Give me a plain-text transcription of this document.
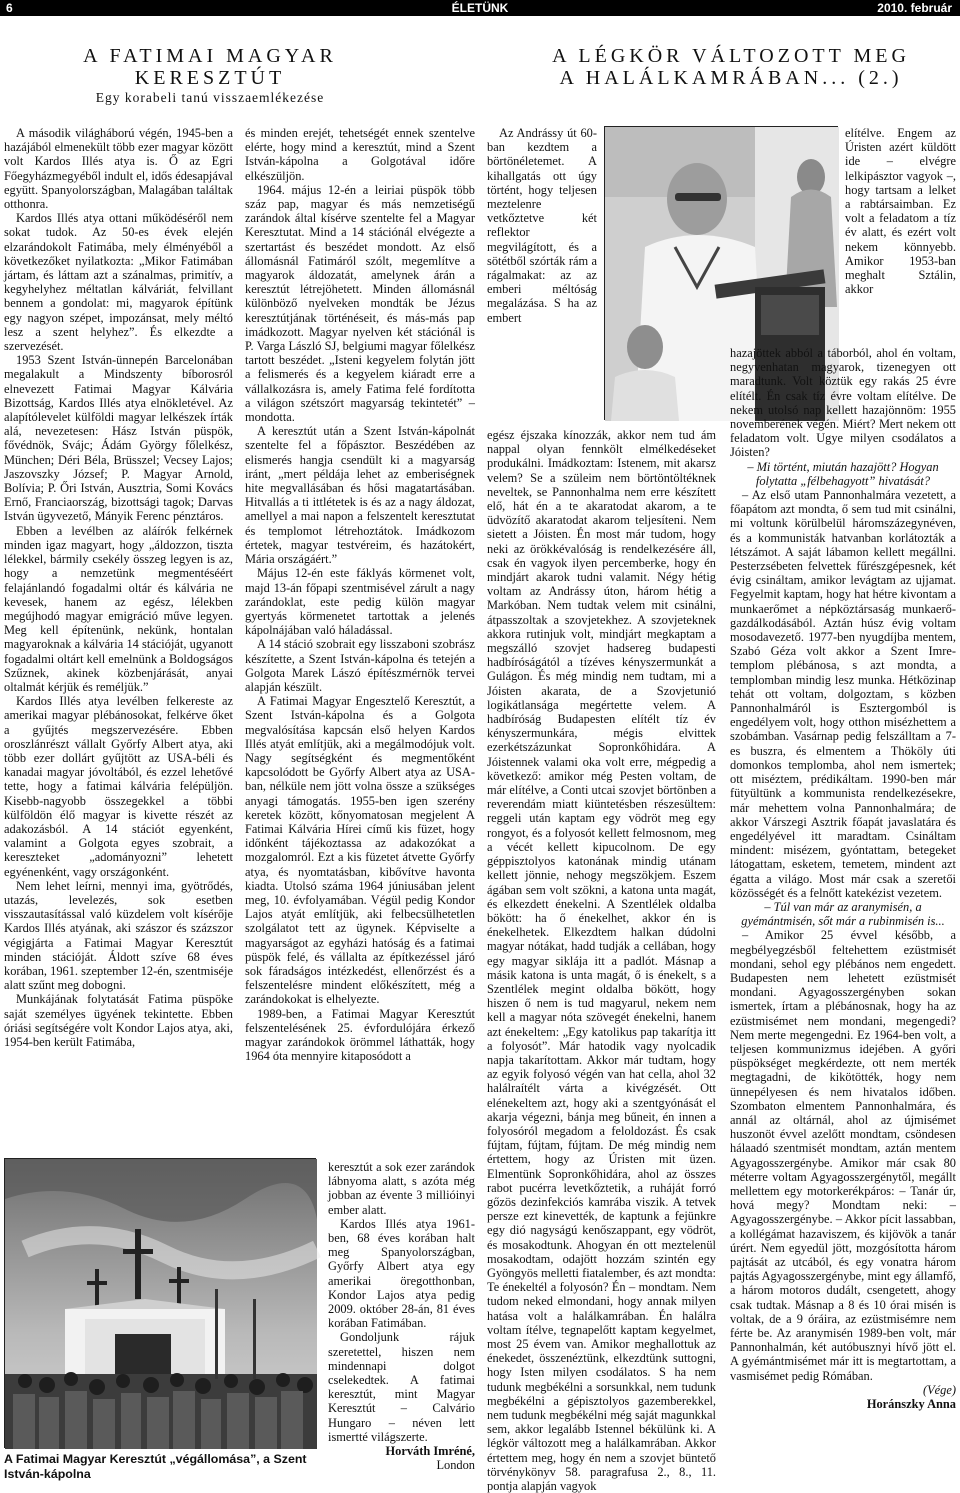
6	ÉLETÜNK	2010. február
A FATIMAI MAGYAR KERESZTÚT
Egy korabeli tanú visszaemlékezése
A LÉGKÖR VÁLTOZOTT MEG
A HALÁLKAMRÁBAN... (2.)

A második világháború végén, 1945-ben a hazájából elmenekült több ezer magyar között volt Kardos Illés atya is. Ő az Egri Főegyházmegyéből indult el, idős édesapjával együtt. Spanyolországban, Malagában találtak otthonra.

Kardos Illés atya ottani működéséről nem sokat tudok. Az 50-es évek elején elzarándokolt Fatimába, mely élményéből a következőket nyilatkozta: „Mikor Fatimában jártam, és láttam azt a szánalmas, primitív, a kegyhelyhez méltatlan kálváriát, felvillant bennem a gondolat: mi, magyarok építünk egy nagyon szépet, impozánsat, mely méltó lesz a szent helyhez”. És elkezdte a szervezését.

1953 Szent István-ünnepén Barcelonában megalakult a Mindszenty bíborosról elnevezett Fatimai Magyar Kálvária Bizottság, Kardos Illés atya elnökletével. Az alapítólevelet külföldi magyar lelkészek írták alá, nevezetesen: Hász István püspök, fővédnök, Svájc; Ádám György főlelkész, München; Déri Béla, Brüsszel; Vecsey Lajos; Jaszovszky József; P. Magyar Arnold, Bolívia; P. Őri István, Ausztria, Somi Kovács Ernő, Franciaország, bizottsági tagok; Darvas István ügyvezető, Mányik Ferenc pénztáros.

Ebben a levélben az aláírók felkérnek minden igaz magyart, hogy „áldozzon, tiszta lélekkel, bármily csekély összeg legyen is az, hogy a nemzetünk megmentéséért felajánlandó fogadalmi oltár és kálvária ne kevesek, hanem az egész, lélekben megújhodó magyar emigráció műve legyen. Meg kell építenünk, nekünk, hontalan magyaroknak a kálvária 14 stációját, ugyanott fogadalmi oltárt kell emelnünk a Boldogságos Szűznek, akinek közbenjárását, anyai oltalmát kérjük és reméljük.”

Kardos Illés atya levélben felkereste az amerikai magyar plébánosokat, felkérve őket a gyűjtés megszervezésére. Ebben oroszlánrészt vállalt Győrfy Albert atya, aki több ezer dollárt gyűjtött az USA-béli és kanadai magyar jóvoltából, és ezzel lehetővé tette, hogy a fatimai kálvária felépüljön. Kisebb-nagyobb összegekkel a többi külföldön élő magyar is kivette részét az adakozásból. A 14 stációt egyenként, valamint a Golgota egyes szobrait, a kereszteket „adományozni” lehetett egyénenként, vagy országonként.

Nem lehet leírni, mennyi ima, gyötrődés, utazás, levelezés, sok esetben visszautasítással való küzdelem volt kísérője Kardos Illés atyának, aki szászor és százszor végigjárta a Fatimai Magyar Keresztút minden stációját. Áldott szíve 68 éves korában, 1961. szeptember 12-én, szentmiséje alatt szűnt meg dobogni.

Munkájának folytatását Fatima püspöke saját személyes ügyének tekintette. Ebben óriási segítségére volt Kondor Lajos atya, aki, 1954-ben került Fatimába,

A Fatimai Magyar Keresztút „végállomása”, a Szent István-kápolna

és minden erejét, tehetségét ennek szentelve elérte, hogy mind a keresztút, mind a Szent István-kápolna a Golgotával időre elkészüljön.

1964. május 12-én a leiriai püspök több száz pap, magyar és más nemzetiségű zarándok által kísérve szentelte fel a Magyar Keresztutat. Mind a 14 stációnál elvégezte a szertartást és beszédet mondott. Az első állomásnál Fatimáról szólt, megemlítve a magyarok áldozatát, amelynek árán a keresztút létrejöhetett. Minden állomásnál különböző nyelveken mondták be Jézus keresztútjának történéseit, és más-más pap imádkozott. Magyar nyelven két stációnál is P. Varga László SJ, belgiumi magyar főlelkész tartott beszédet. „Isteni kegyelem folytán jött a felismerés és a kegyelem kiáradt erre a vállalkozásra is, amely Fatima felé fordította a világon szétszórt magyarság tekintetét” – mondotta.

A keresztút után a Szent István-kápolnát szentelte fel a főpásztor. Beszédében az elismerés hangja csendült ki a magyarság iránt, „mert példája lehet az emberiségnek hite megvallásában és hősi magatartásában. Hitvallás a ti ittlétetek is és az a nagy áldozat, amellyel a mai napon a felszentelt keresztutat és templomot létrehoztátok. Imádkozom értetek, magyar testvéreim, és hazátokért, Mária országáért.”

Május 12-én este fáklyás körmenet volt, majd 13-án főpapi szentmisével zárult a nagy zarándoklat, este pedig külön magyar gyertyás körmenetet tartottak a jelenés kápolnájában való háladással.

A 14 stáció szobrait egy lisszaboni szobrász készítette, a Szent István-kápolna és tetején a Golgota Marek Lászó építészmérnök tervei alapján készült.

A Fatimai Magyar Engesztelő Keresztút, a Szent István-kápolna és a Golgota megvalósítása kapcsán első helyen Kardos Illés atyát említjük, aki a megálmodójuk volt. Nagy segítségként és megmentőként kapcsolódott be Győrfy Albert atya az USA-ban, nélküle nem jött volna össze a szükséges anyagi támogatás. 1955-ben igen szerény keretek között, kőnyomatosan megjelent A Fatimai Kálvária Hírei című kis füzet, hogy időnként tájékoztassa az adakozókat a mozgalomról. Ezt a kis füzetet átvette Győrfy atya, és nyomtatásban, kibővítve havonta kiadta. Utolsó száma 1964 júniusában jelent meg, 10. évfolyamában. Végül pedig Kondor Lajos atyát említjük, aki felbecsülhetetlen szolgálatot tett az ügynek. Képviselte a magyarságot az egyházi hatóság és a fatimai püspök felé, és vállalta az építkezéssel járó sok fáradságos intézkedést, ellenőrzést és a felszentelésre mindent előkészített, még a zarándokokat is elhelyezte.

1989-ben, a Fatimai Magyar Keresztút felszentelésének 25. évfordulójára érkező magyar zarándokok örömmel láthatták, hogy 1964 óta mennyire kitaposódott a

keresztút a sok ezer zarándok lábnyoma alatt, s azóta még jobban az évente 3 millióinyi ember alatt.

Kardos Illés atya 1961-ben, 68 éves korában halt meg Spanyolországban, Győrfy Albert atya egy amerikai öregotthonban, Kondor Lajos atya pedig 2009. október 28-án, 81 éves korában Fatimában.

Gondoljunk rájuk szeretettel, hiszen nem mindennapi dolgot cselekedtek. A fatimai keresztút, mint Magyar Keresztút – Calvário Hungaro – néven lett ismertté világszerte.

Horváth Imréné,

London

Az Andrássy út 60-ban kezdtem a börtönéletemet. A kihallgatás ott úgy történt, hogy teljesen meztelenre vetkőztetve két reflektor megvilágított, és a sötétből szórták rám a rágalmakat: az az emberi méltóság megalázása. S ha az embert

egész éjszaka kínozzák, akkor nem tud ám nappal olyan fennkölt elmélkedéseket produkálni. Imádkoztam: Istenem, mit akarsz velem? Se a szüleim nem börtöntöltéknek neveltek, se Pannonhalma nem erre készített elő, hát én a te akaratodat akarom, a te üdvözítő akaratodat akarom teljesíteni. Nem sietett a Jóisten. Én most már tudom, hogy neki az örökkévalóság is rendelkezésére áll, csak én vagyok ilyen percemberke, hogy én mindjárt akarok tudni valamit. Négy hétig voltam az Andrássy úton, három hétig a Markóban. Nem tudtak velem mit csinálni, átpasszoltak a szovjetekhez. A szovjeteknek akkora rutinjuk volt, mindjárt megkaptam a megszálló szovjet hadsereg budapesti hadbíróságától a tízéves kényszermunkát a Gulágon. És még mindig nem tudtam, mi a Jóisten akarata, de a Szovjetunió logikátlansága megértette velem. A hadbíróság Budapesten elítélt tíz év kényszermunkára, mégis elvittek ezerkétszázunkat Sopronkőhidára. A Jóistennek valami oka volt erre, mégpedig a következő: amikor még Pesten voltam, de már elítélve, a Conti utcai szovjet börtönben a reverendám miatt kiüntetésben részesültem: reggeli után kaptam egy vödröt meg egy rongyot, és a folyosót kellett felmosnom, meg a vécét kellett kipucolnom. De egy géppisztolyos katonának mindig utánam kellett jönnie, nehogy megszökjem. Eszem ágában sem volt szökni, a katona unta magát, és elkezdett énekelni. A Szentlélek oldalba bökött: ha ő énekelhet, akkor én is énekelhetek. Elkezdtem halkan dúdolni magyar nótákat, hadd tudják a cellában, hogy egy magyar siklája itt a padlót. Másnap a másik katona is unta magát, ő is énekelt, s a Szentlélek megint oldalba bökött, hogy hiszen ő nem is tud magyarul, nekem nem kell a magyar nóta szövegét énekelni, hanem azt énekeltem: „Egy katolikus pap takarítja itt a folyosót”. Már hatodik vagy nyolcadik napja takarítottam. Akkor már tudtam, hogy az egyik folyosó végén van hat cella, ahol 32 halálraítélt várta a kivégzését. Ott elénekeltem azt, hogy aki a szentgyónását el akarja végezni, bánja meg bűneit, én innen a folyosóról megadom a feloldozást. És csak fújtam, fújtam, fújtam. De még mindig nem értettem, hogy az Úristen mit üzen. Elmentünk Sopronkőhidára, ahol az összes rabot pucérra levetkőztetik, a ruháját forró gőzös dezinfekciós kamrába viszik. A tetvek persze ezt kinevették, de kaptunk a fejünkre egy dió nagyságú kenőszappant, egy vödröt, és mosakodtunk. Ahogyan én ott meztelenül mosakodtam, odajött hozzám szintén egy Gyöngyös melletti fiatalember, és azt mondta: Te énekeltél a folyosón? Én – mondtam. Nem tudom neked elmondani, hogy annak milyen hatása volt a halálkamrában. Én halálra voltam ítélve, tegnapelőtt kaptam kegyelmet, most 25 évem van. Amikor meghallottuk az énekedet, összenéztünk, elkezdtünk suttogni, hogy Isten milyen csodálatos. S ha nem tudunk megbékélni a sorsunkkal, nem tudunk megbékélni a gépisztolyos gazemberekkel, nem tudunk megbékélni még saját magunkkal sem, akkor legalább Istennel békülünk ki. A légkör változott meg a halálkamrában. Akkor értettem meg, hogy én nem a szovjet büntető törvénykönyv 58. paragrafusa 2., 8., 11. pontja alapján vagyok

elítélve. Engem az Úristen azért küldött ide – elvégre lelkipásztor vagyok –, hogy tartsam a lelket a rabtársaimban. Ez volt a feladatom a tíz év alatt, és ezért volt nekem könnyebb. Amikor 1953-ban meghalt Sztálin, akkor

hazajöttek abból a táborból, ahol én voltam, negyvenhatan magyarok, tizenegyen ott maradtunk. Volt köztük egy rakás 25 évre elítélt. Én csak tíz évre voltam elítélve. De nekem utolsó nap kellett hazajönnöm: 1955 novemberének végén. Miért? Mert nekem ott feladatom volt. Ugye milyen csodálatos a Jóisten?

– Mi történt, miután hazajött? Hogyan folytatta „félbehagyott” hivatását?

– Az első utam Pannonhalmára vezetett, a főapátom azt mondta, ő sem tud mit csinálni, mi voltunk körülbelül háromszázegynéven, és a kommunisták hatvanban korlátozták a létszámot. A saját lábamon kellett megállni. Pesterzsébeten felvettek fűrészgépesnek, két évig csináltam, amikor levágtam az ujjamat. Fegyelmit kaptam, hogy hat hétre kivontam a munkaerőmet a népköztársaság munkaerő-gazdálkodásából. Aztán húsz évig voltam mosodavezető. 1977-ben nyugdíjba mentem, Szabó Géza volt akkor a Szent Imre-templom plébánosa, s azt mondta, a templomban mindig lesz munka. Hétközinap tehát ott voltam, dolgoztam, s közben Pannonhalmáról is Esztergomból is engedélyem volt, hogy otthon misézhettem a szobámban. Vasárnap pedig felszálltam a 7-es buszra, és elmentem a Thököly úti domonkos templomba, ahol nem ismertek; ott miséztem, prédikáltam. 1990-ben már fütyültünk a kommunista rendelkezésekre, már mehettem volna Pannonhalmára; de akkor Várszegi Asztrik főapát javaslatára és engedélyével itt maradtam. Csináltam mindent: misézem, gyóntattam, betegeket látogattam, esketem, temetem, mindent azt égatta a világo. Most már csak a szeretői közösségét és a felnőtt katekézist vezetem.

– Túl van már az aranymisén, a gyémántmisén, sőt már a rubinmisén is...

– Amikor 25 évvel később, a megbélyegzésből feltehettem ezüstmisét mondani, sehol egy plébános nem engedett. Budapesten nem lehetett ezüstmisét mondani. Agyagosszergényben sokan ismertek, írtam a plébánosnak, hogy ha az ezüstmisémet nem mondani, megengedi? Nem merte megengedni. Ez 1964-ben volt, a teljesen kommunizmus idejében. A győri püspökséget megkérdezte, ott nem merték megtagadni, de kikötötték, hogy nem ünnepélyesen és nem hivatalos időben. Szombaton elmentem Pannonhalmára, és annál az oltárnál, ahol az újmisémet huszonöt évvel azelőtt mondtam, csöndesen hálaadó szentmisét mondtam, aztán mentem Agyagosszergénybe. Amikor már csak 80 méterre voltam Agyagosszergénytől, megállt mellettem egy motorkerékpáros: – Tanár úr, hová megy? Mondtam neki: – Agyagosszergénybe. – Akkor pícit lassabban, a kollégámat hazaviszem, és kijövök a tanár úrért. Nem egyedül jött, mozgósította három pajtását az utcából, és egy vonatra három pajtás Agyagosszergénybe, mint egy államfő, a három motoros dudált, csengetett, ahogy csak tudtak. Másnap a 8 és 10 órai misén is voltak, de a 9 óráira, az ezüstmisémre nem férte be. Az aranymisén 1989-ben volt, már Pannonhalmán, két autóbusznyi hívő jött el. A gyémántmisémet már itt is megtartottam, a vasmisémet pedig Rómában.

(Vége)

Horánszky Anna
